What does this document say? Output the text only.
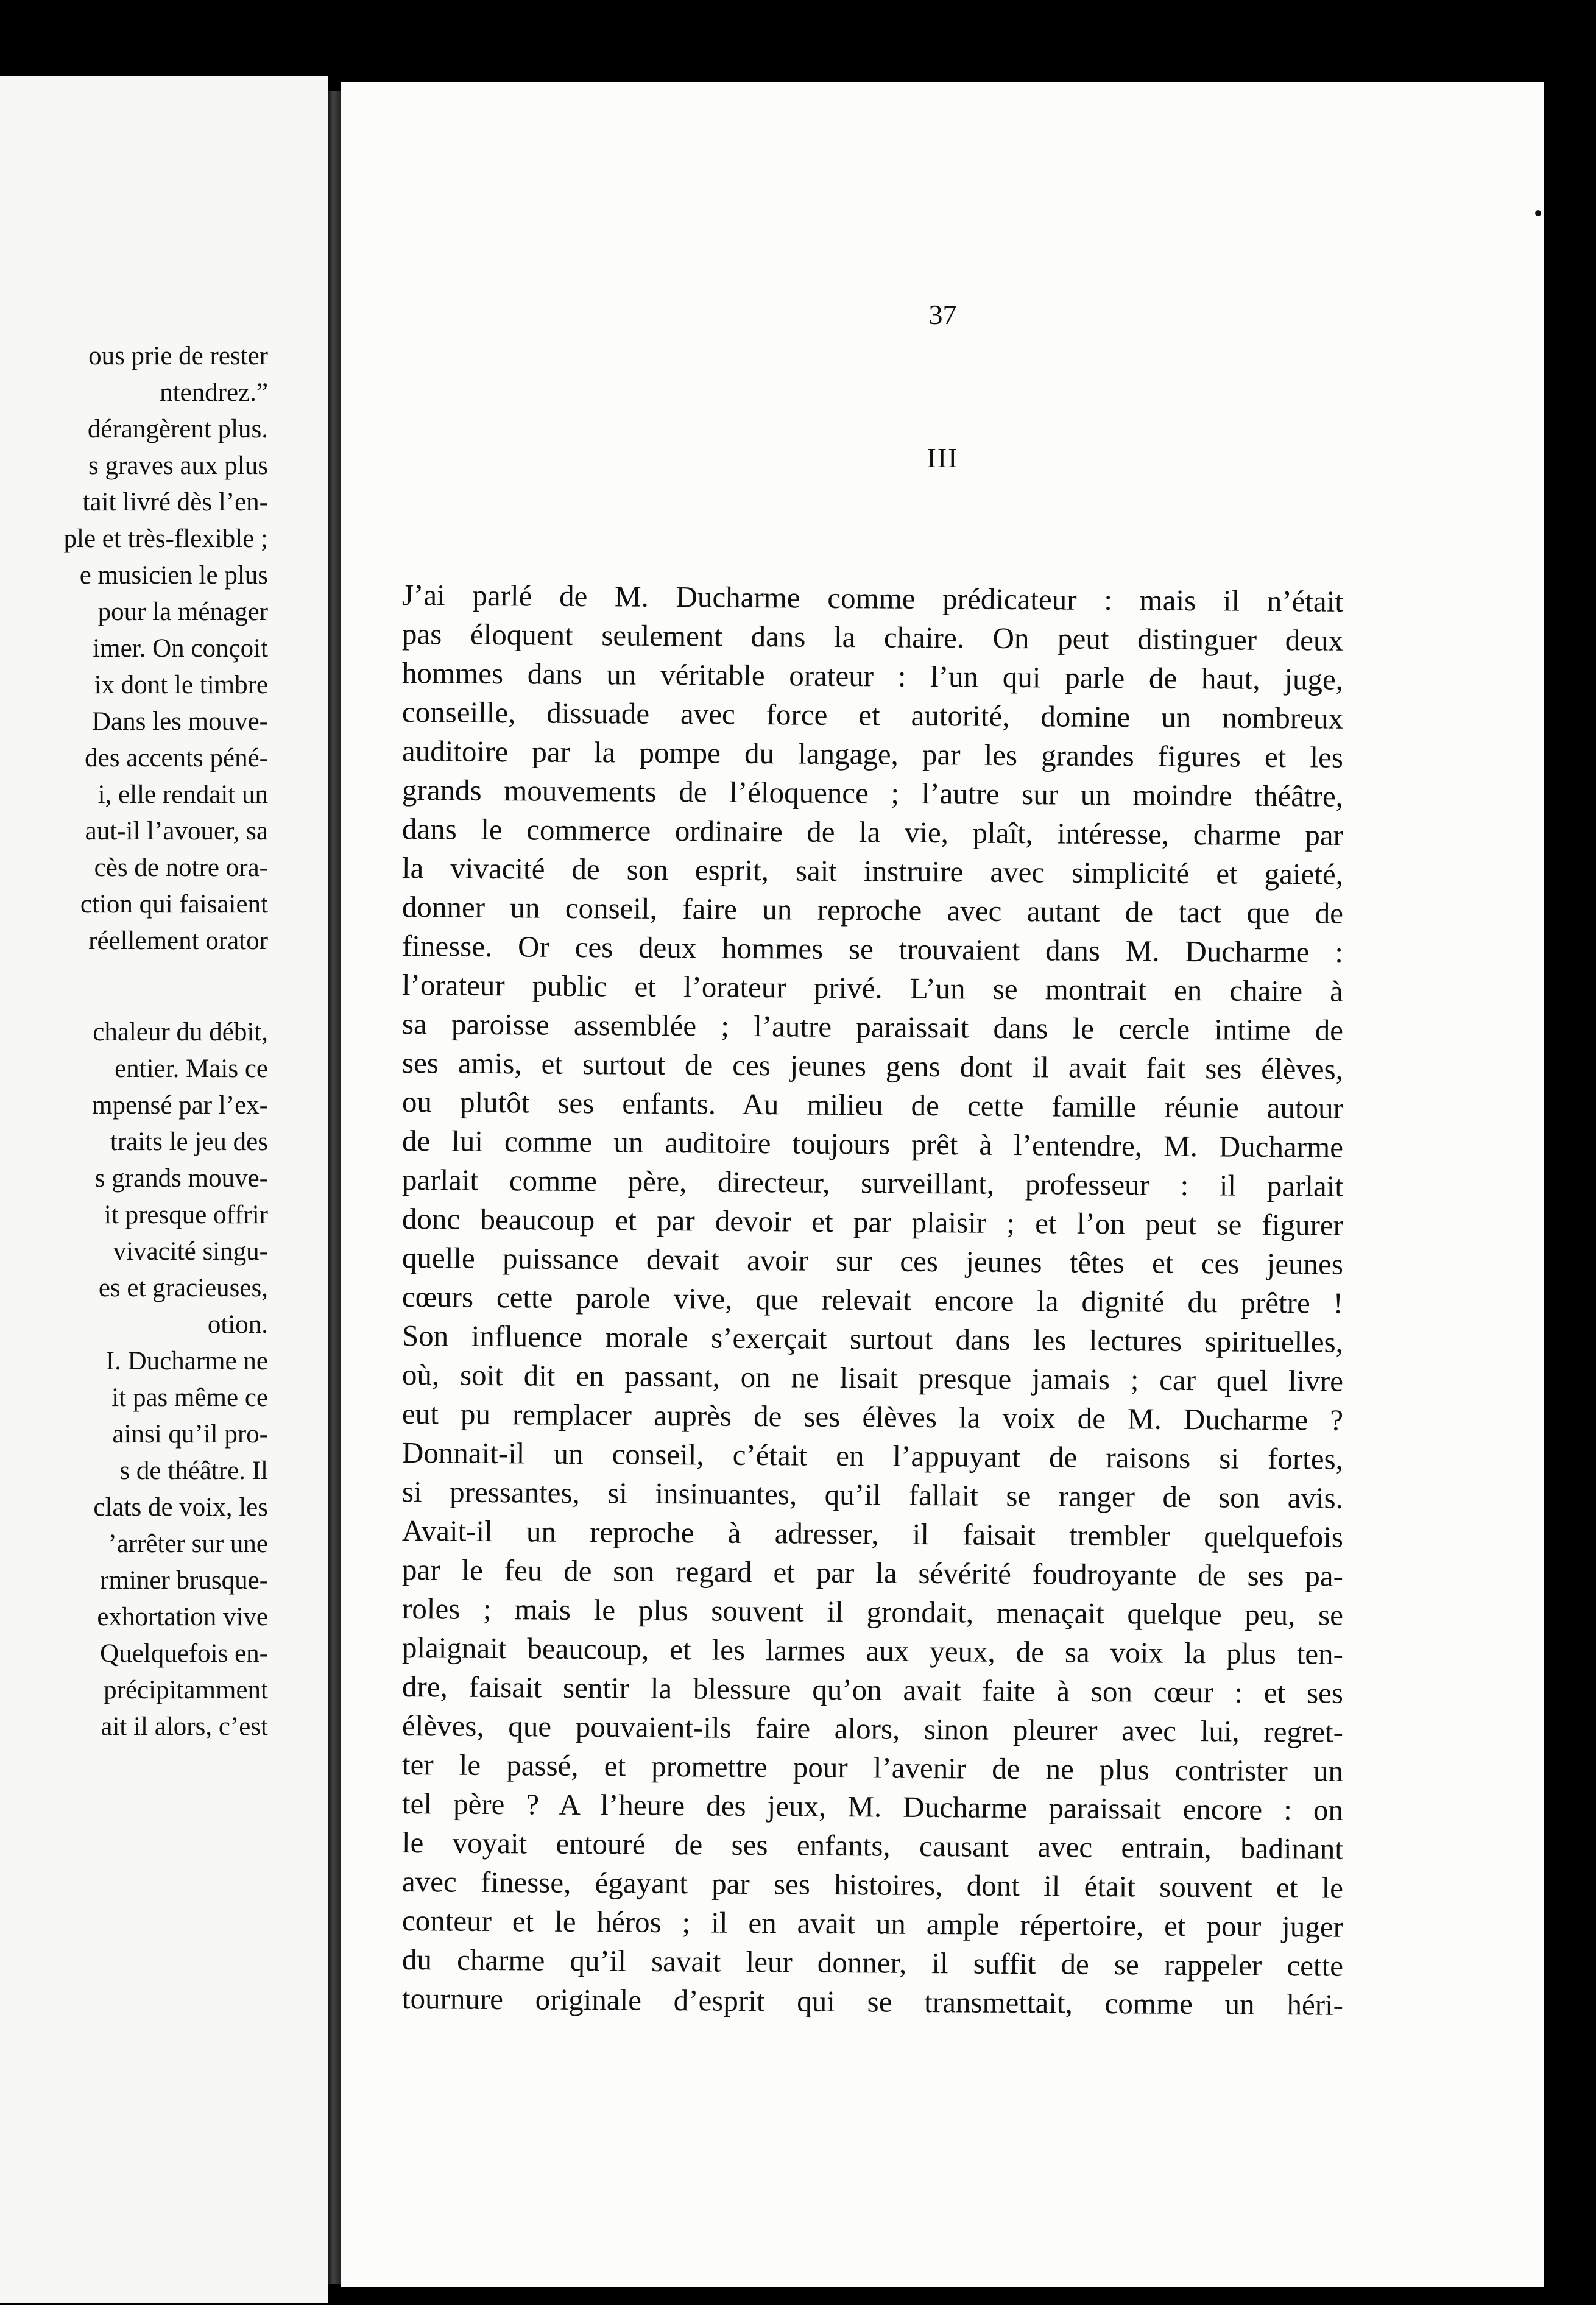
ous prie de rester
ntendrez.”
dérangèrent plus.
s graves aux plus
tait livré dès l’en-
ple et très-flexible ;
e musicien le plus
pour la ménager
imer. On conçoit
ix dont le timbre
Dans les mouve-
des accents péné-
i, elle rendait un
aut-il l’avouer, sa
cès de notre ora-
ction qui faisaient
réellement orator
chaleur du débit,
entier. Mais ce
mpensé par l’ex-
traits le jeu des
s grands mouve-
it presque offrir
vivacité singu-
es et gracieuses,
otion.
I. Ducharme ne
it pas même ce
ainsi qu’il pro-
s de théâtre. Il
clats de voix, les
’arrêter sur une
rminer brusque-
exhortation vive
Quelquefois en-
précipitamment
ait il alors, c’est
37
III
J’ai parlé de M. Ducharme comme prédicateur : mais il n’était
pas éloquent seulement dans la chaire. On peut distinguer deux
hommes dans un véritable orateur : l’un qui parle de haut, juge,
conseille, dissuade avec force et autorité, domine un nombreux
auditoire par la pompe du langage, par les grandes figures et les
grands mouvements de l’éloquence ; l’autre sur un moindre théâtre,
dans le commerce ordinaire de la vie, plaît, intéresse, charme par
la vivacité de son esprit, sait instruire avec simplicité et gaieté,
donner un conseil, faire un reproche avec autant de tact que de
finesse. Or ces deux hommes se trouvaient dans M. Ducharme :
l’orateur public et l’orateur privé. L’un se montrait en chaire à
sa paroisse assemblée ; l’autre paraissait dans le cercle intime de
ses amis, et surtout de ces jeunes gens dont il avait fait ses élèves,
ou plutôt ses enfants. Au milieu de cette famille réunie autour
de lui comme un auditoire toujours prêt à l’entendre, M. Ducharme
parlait comme père, directeur, surveillant, professeur : il parlait
donc beaucoup et par devoir et par plaisir ; et l’on peut se figurer
quelle puissance devait avoir sur ces jeunes têtes et ces jeunes
cœurs cette parole vive, que relevait encore la dignité du prêtre !
Son influence morale s’exerçait surtout dans les lectures spirituelles,
où, soit dit en passant, on ne lisait presque jamais ; car quel livre
eut pu remplacer auprès de ses élèves la voix de M. Ducharme ?
Donnait-il un conseil, c’était en l’appuyant de raisons si fortes,
si pressantes, si insinuantes, qu’il fallait se ranger de son avis.
Avait-il un reproche à adresser, il faisait trembler quelquefois
par le feu de son regard et par la sévérité foudroyante de ses pa-
roles ; mais le plus souvent il grondait, menaçait quelque peu, se
plaignait beaucoup, et les larmes aux yeux, de sa voix la plus ten-
dre, faisait sentir la blessure qu’on avait faite à son cœur : et ses
élèves, que pouvaient-ils faire alors, sinon pleurer avec lui, regret-
ter le passé, et promettre pour l’avenir de ne plus contrister un
tel père ? A l’heure des jeux, M. Ducharme paraissait encore : on
le voyait entouré de ses enfants, causant avec entrain, badinant
avec finesse, égayant par ses histoires, dont il était souvent et le
conteur et le héros ; il en avait un ample répertoire, et pour juger
du charme qu’il savait leur donner, il suffit de se rappeler cette
tournure originale d’esprit qui se transmettait, comme un héri-
